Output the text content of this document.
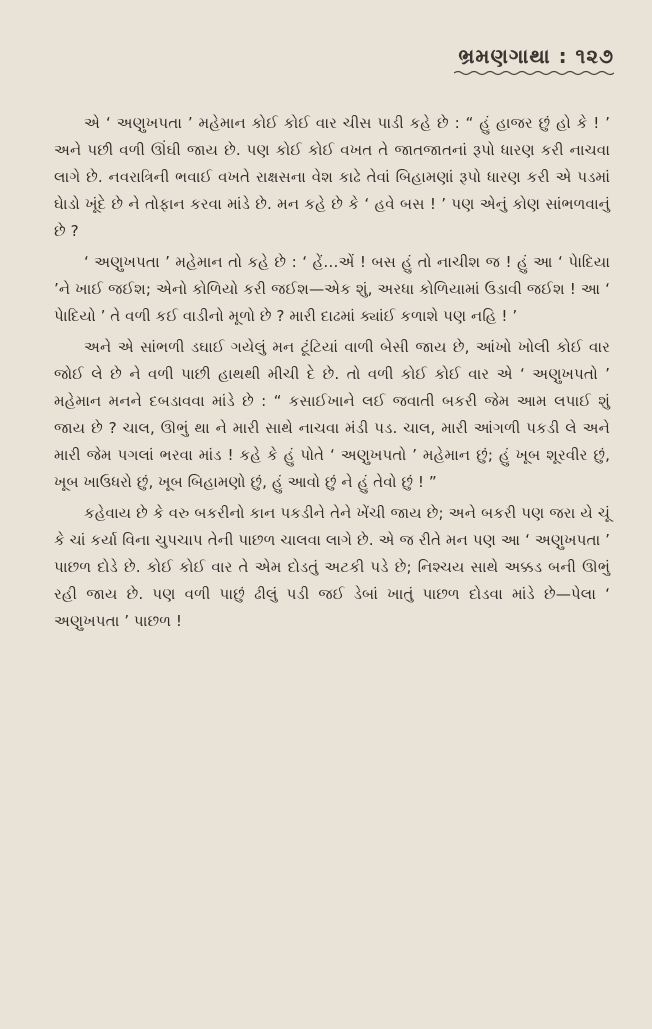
ભ્રમણગાથા : ૧૨૭

એ ‘ અણુખપતા ’ મહેમાન કોઈ કોઈ વાર ચીસ પાડી કહે છે : “ હું હાજર છું હો કે ! ’ અને પછી વળી ઊંઘી જાય છે. પણ કોઈ કોઈ વખત તે જાતજાતનાં રૂપો ધારણ કરી નાચવા લાગે છે. નવરાત્રિની ભવાઈ વખતે રાક્ષસના વેશ કાઢે તેવાં બિહામણાં રૂપો ધારણ કરી એ પડમાં ઘેાડો ખૂંદે છે ને તોફાન કરવા માંડે છે. મન કહે છે કે ‘ હવે બસ ! ’ પણ એનું કોણ સાંભળવાનું છે ?

‘ અણુખપતા ’ મહેમાન તો કહે છે : ‘ હેં…એં ! બસ હું તો નાચીશ જ ! હું આ ‘ પેાદિયા ’ને ખાઈ જઈશ; એનો કોળિયો કરી જઈશ—એક શું, અરધા કોળિયામાં ઉડાવી જઈશ ! આ ‘ પેાદિયો ’ તે વળી કઈ વાડીનો મૂળો છે ? મારી દાઢમાં ક્યાંઈ કળાશે પણ નહિ ! ’

અને એ સાંભળી ડઘાઈ ગયેલું મન ટૂંટિયાં વાળી બેસી જાય છે, આંખો ખોલી કોઈ વાર જોઈ લે છે ને વળી પાછી હાથથી મીચી દે છે. તો વળી કોઈ કોઈ વાર એ ‘ અણુખપતો ’ મહેમાન મનને દબડાવવા માંડે છે : “ કસાઈખાને લઈ જવાતી બકરી જેમ આમ લપાઈ શું જાય છે ? ચાલ, ઊભું થા ને મારી સાથે નાચવા મંડી પડ. ચાલ, મારી આંગળી પકડી લે અને મારી જેમ પગલાં ભરવા માંડ ! કહે કે હું પોતે ‘ અણુખપતો ’ મહેમાન છું; હું ખૂબ શૂરવીર છું, ખૂબ ખાઉધરો છું, ખૂબ બિહામણો છું, હું આવો છું ને હું તેવો છું ! ”

કહેવાય છે કે વરુ બકરીનો કાન પકડીને તેને ખેંચી જાય છે; અને બકરી પણ જરા યે ચૂં કે ચાં કર્યા વિના ચુપચાપ તેની પાછળ ચાલવા લાગે છે. એ જ રીતે મન પણ આ ‘ અણુખપતા ’ પાછળ દોડે છે. કોઈ કોઈ વાર તે એમ દોડતું અટકી પડે છે; નિશ્ચય સાથે અક્કડ બની ઊભું રહી જાય છે. પણ વળી પાછું ઢીલું પડી જઈ ડેબાં ખાતું પાછળ દોડવા માંડે છે—પેલા ‘ અણુખપતા ’ પાછળ !
